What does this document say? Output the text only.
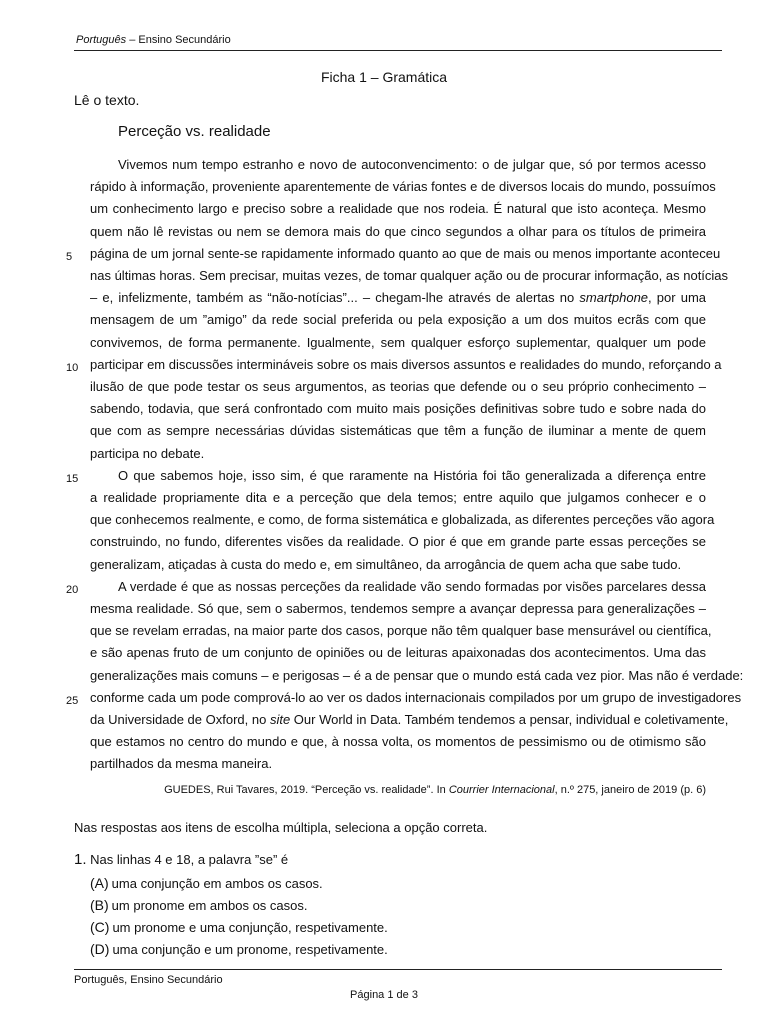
Português – Ensino Secundário
Ficha 1 – Gramática
Lê o texto.
Perceção vs. realidade
Vivemos num tempo estranho e novo de autoconvencimento: o de julgar que, só por termos acesso
rápido à informação, proveniente aparentemente de várias fontes e de diversos locais do mundo, possuímos
um conhecimento largo e preciso sobre a realidade que nos rodeia. É natural que isto aconteça. Mesmo
quem não lê revistas ou nem se demora mais do que cinco segundos a olhar para os títulos de primeira
página de um jornal sente-se rapidamente informado quanto ao que de mais ou menos importante aconteceu
nas últimas horas. Sem precisar, muitas vezes, de tomar qualquer ação ou de procurar informação, as notícias
– e, infelizmente, também as “não-notícias”... – chegam-lhe através de alertas no smartphone, por uma
mensagem de um ”amigo” da rede social preferida ou pela exposição a um dos muitos ecrãs com que
convivemos, de forma permanente. Igualmente, sem qualquer esforço suplementar, qualquer um pode
participar em discussões intermináveis sobre os mais diversos assuntos e realidades do mundo, reforçando a
ilusão de que pode testar os seus argumentos, as teorias que defende ou o seu próprio conhecimento –
sabendo, todavia, que será confrontado com muito mais posições definitivas sobre tudo e sobre nada do
que com as sempre necessárias dúvidas sistemáticas que têm a função de iluminar a mente de quem
participa no debate.
O que sabemos hoje, isso sim, é que raramente na História foi tão generalizada a diferença entre
a realidade propriamente dita e a perceção que dela temos; entre aquilo que julgamos conhecer e o
que conhecemos realmente, e como, de forma sistemática e globalizada, as diferentes perceções vão agora
construindo, no fundo, diferentes visões da realidade. O pior é que em grande parte essas perceções se
generalizam, atiçadas à custa do medo e, em simultâneo, da arrogância de quem acha que sabe tudo.
A verdade é que as nossas perceções da realidade vão sendo formadas por visões parcelares dessa
mesma realidade. Só que, sem o sabermos, tendemos sempre a avançar depressa para generalizações –
que se revelam erradas, na maior parte dos casos, porque não têm qualquer base mensurável ou científica,
e são apenas fruto de um conjunto de opiniões ou de leituras apaixonadas dos acontecimentos. Uma das
generalizações mais comuns – e perigosas – é a de pensar que o mundo está cada vez pior. Mas não é verdade:
conforme cada um pode comprová-lo ao ver os dados internacionais compilados por um grupo de investigadores
da Universidade de Oxford, no site Our World in Data. Também tendemos a pensar, individual e coletivamente,
que estamos no centro do mundo e que, à nossa volta, os momentos de pessimismo ou de otimismo são
partilhados da mesma maneira.
5
10
15
20
25
GUEDES, Rui Tavares, 2019. “Perceção vs. realidade”. In Courrier Internacional, n.º 275, janeiro de 2019 (p. 6)
Nas respostas aos itens de escolha múltipla, seleciona a opção correta.
1. Nas linhas 4 e 18, a palavra ”se” é
(A) uma conjunção em ambos os casos.
(B) um pronome em ambos os casos.
(C) um pronome e uma conjunção, respetivamente.
(D) uma conjunção e um pronome, respetivamente.
Português, Ensino Secundário
Página 1 de 3
